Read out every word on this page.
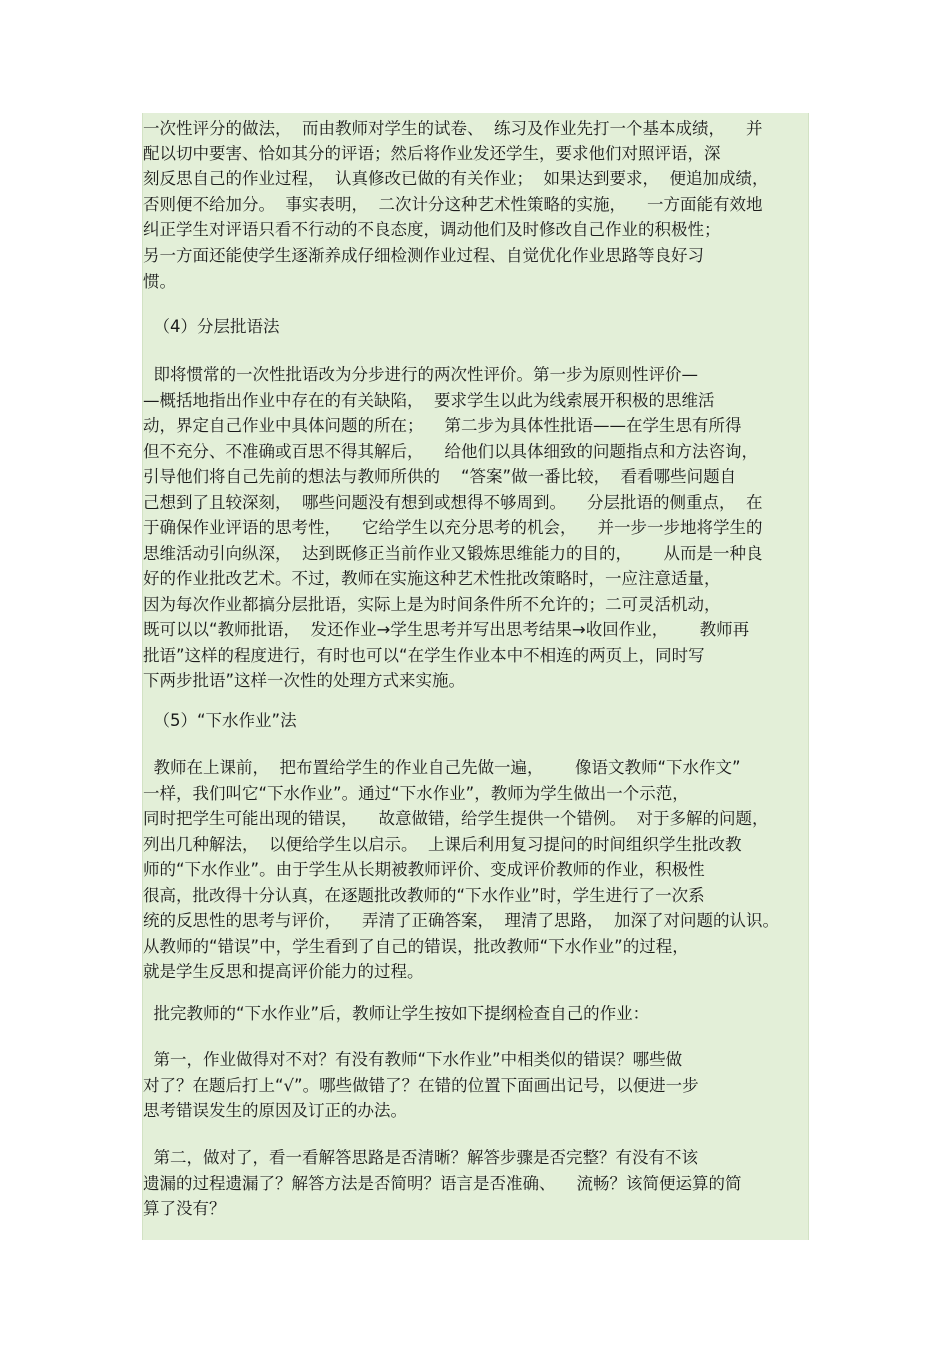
一次性评分的做法，  而由教师对学生的试卷、  练习及作业先打一个基本成绩，    并
配以切中要害、恰如其分的评语；然后将作业发还学生，要求他们对照评语，深
刻反思自己的作业过程，  认真修改已做的有关作业；  如果达到要求，  便追加成绩，
否则便不给加分。  事实表明，  二次计分这种艺术性策略的实施，    一方面能有效地
纠正学生对评语只看不行动的不良态度，调动他们及时修改自己作业的积极性；
另一方面还能使学生逐渐养成仔细检测作业过程、自觉优化作业思路等良好习
惯。
（4）分层批语法
即将惯常的一次性批语改为分步进行的两次性评价。第一步为原则性评价—
—概括地指出作业中存在的有关缺陷，  要求学生以此为线索展开积极的思维活
动，界定自己作业中具体问题的所在；    第二步为具体性批语——在学生思有所得
但不充分、不准确或百思不得其解后，    给他们以具体细致的问题指点和方法咨询，
引导他们将自己先前的想法与教师所供的    “答案”做一番比较，  看看哪些问题自
己想到了且较深刻，  哪些问题没有想到或想得不够周到。    分层批语的侧重点，  在
于确保作业评语的思考性，    它给学生以充分思考的机会，    并一步一步地将学生的
思维活动引向纵深，  达到既修正当前作业又锻炼思维能力的目的，      从而是一种良
好的作业批改艺术。不过，教师在实施这种艺术性批改策略时，一应注意适量，
因为每次作业都搞分层批语，实际上是为时间条件所不允许的；二可灵活机动，
既可以以“教师批语，  发还作业→学生思考并写出思考结果→收回作业，      教师再
批语”这样的程度进行，有时也可以“在学生作业本中不相连的两页上，同时写
下两步批语”这样一次性的处理方式来实施。
（5）“下水作业”法
教师在上课前，  把布置给学生的作业自己先做一遍，      像语文教师“下水作文”
一样，我们叫它“下水作业”。通过“下水作业”，教师为学生做出一个示范，
同时把学生可能出现的错误，    故意做错，给学生提供一个错例。  对于多解的问题，
列出几种解法，  以便给学生以启示。  上课后利用复习提问的时间组织学生批改教
师的“下水作业”。由于学生从长期被教师评价、变成评价教师的作业，积极性
很高，批改得十分认真，在逐题批改教师的“下水作业”时，学生进行了一次系
统的反思性的思考与评价，    弄清了正确答案，  理清了思路，  加深了对问题的认识。
从教师的“错误”中，学生看到了自己的错误，批改教师“下水作业”的过程，
就是学生反思和提高评价能力的过程。
批完教师的“下水作业”后，教师让学生按如下提纲检查自己的作业：
第一，作业做得对不对？有没有教师“下水作业”中相类似的错误？哪些做
对了？在题后打上“√”。哪些做错了？在错的位置下面画出记号，以便进一步
思考错误发生的原因及订正的办法。
第二，做对了，看一看解答思路是否清晰？解答步骤是否完整？有没有不该
遗漏的过程遗漏了？解答方法是否简明？语言是否准确、    流畅？该简便运算的简
算了没有？
